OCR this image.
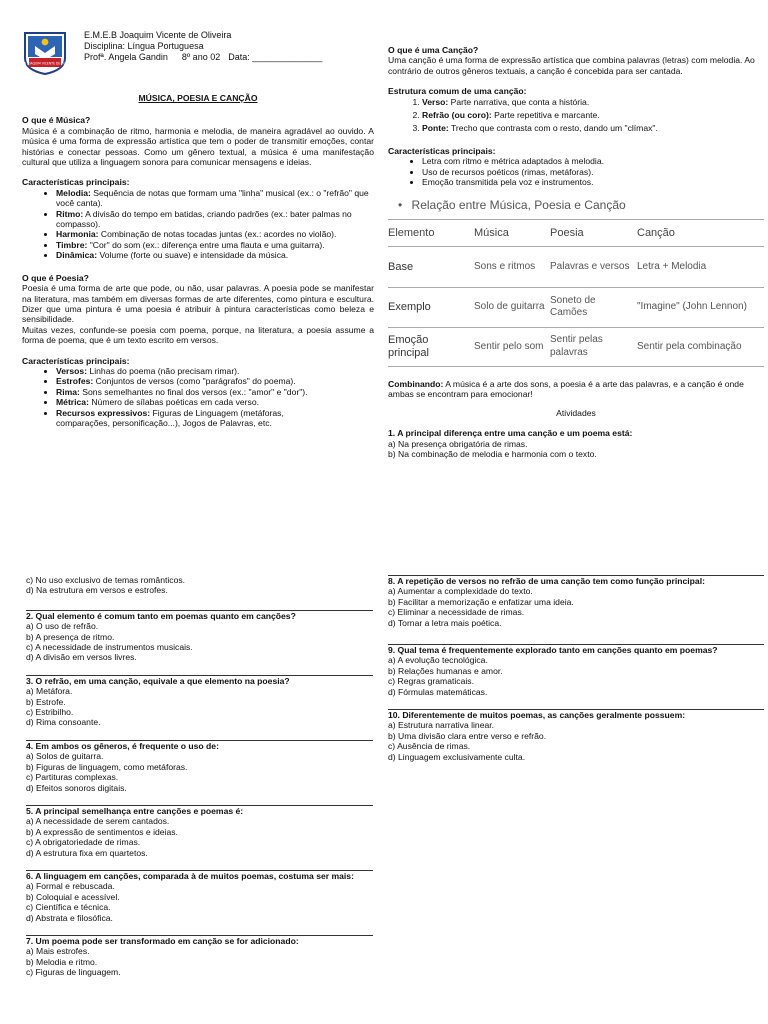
E.M.E.B JOAQUIM VICENTE DE OLIVEIRA

E.M.E.B Joaquim Vicente de Oliveira

Disciplina: Língua Portuguesa

Profª. Angela Gandin 8º ano 02 Data: ______________

MÚSICA, POESIA E CANÇÃO

O que é Música?

Música é a combinação de ritmo, harmonia e melodia, de maneira agradável ao ouvido. A música é uma forma de expressão artística que tem o poder de transmitir emoções, contar histórias e conectar pessoas. Como um gênero textual, a música é uma manifestação cultural que utiliza a linguagem sonora para comunicar mensagens e ideias.

Características principais:

• Melodia: Sequência de notas que formam uma "linha" musical (ex.: o "refrão" que você canta).
• Ritmo: A divisão do tempo em batidas, criando padrões (ex.: bater palmas no compasso).
• Harmonia: Combinação de notas tocadas juntas (ex.: acordes no violão).
• Timbre: "Cor" do som (ex.: diferença entre uma flauta e uma guitarra).
• Dinâmica: Volume (forte ou suave) e intensidade da música.

O que é Poesia?

Poesia é uma forma de arte que pode, ou não, usar palavras. A poesia pode se manifestar na literatura, mas também em diversas formas de arte diferentes, como pintura e escultura. Dizer que uma pintura é uma poesia é atribuir à pintura características como beleza e sensibilidade.

Muitas vezes, confunde-se poesia com poema, porque, na literatura, a poesia assume a forma de poema, que é um texto escrito em versos.

Características principais:

• Versos: Linhas do poema (não precisam rimar).
• Estrofes: Conjuntos de versos (como "parágrafos" do poema).
• Rima: Sons semelhantes no final dos versos (ex.: "amor" e "dor").
• Métrica: Número de sílabas poéticas em cada verso.
• Recursos expressivos: Figuras de Linguagem (metáforas, comparações, personificação...), Jogos de Palavras, etc.

O que é uma Canção?

Uma canção é uma forma de expressão artística que combina palavras (letras) com melodia. Ao contrário de outros gêneros textuais, a canção é concebida para ser cantada.

Estrutura comum de uma canção:

1. Verso: Parte narrativa, que conta a história.
2. Refrão (ou coro): Parte repetitiva e marcante.
3. Ponte: Trecho que contrasta com o resto, dando um "clímax".

Características principais:

• Letra com ritmo e métrica adaptados à melodia.
• Uso de recursos poéticos (rimas, metáforas).
• Emoção transmitida pela voz e instrumentos.
• Relação entre Música, Poesia e Canção
Elemento	Música	Poesia	Canção
Base	Sons e ritmos	Palavras e versos	Letra + Melodia
Exemplo	Solo de guitarra	Soneto de Camões	"Imagine" (John Lennon)
Emoção principal	Sentir pelo som	Sentir pelas palavras	Sentir pela combinação

Combinando: A música é a arte dos sons, a poesia é a arte das palavras, e a canção é onde ambas se encontram para emocionar!

Atividades

1. A principal diferença entre uma canção e um poema está:

a) Na presença obrigatória de rimas.

b) Na combinação de melodia e harmonia com o texto.

c) No uso exclusivo de temas românticos.

d) Na estrutura em versos e estrofes.

2. Qual elemento é comum tanto em poemas quanto em canções?

a) O uso de refrão.

b) A presença de ritmo.

c) A necessidade de instrumentos musicais.

d) A divisão em versos livres.

3. O refrão, em uma canção, equivale a que elemento na poesia?

a) Metáfora.

b) Estrofe.

c) Estribilho.

d) Rima consoante.

4. Em ambos os gêneros, é frequente o uso de:

a) Solos de guitarra.

b) Figuras de linguagem, como metáforas.

c) Partituras complexas.

d) Efeitos sonoros digitais.

5. A principal semelhança entre canções e poemas é:

a) A necessidade de serem cantados.

b) A expressão de sentimentos e ideias.

c) A obrigatoriedade de rimas.

d) A estrutura fixa em quartetos.

6. A linguagem em canções, comparada à de muitos poemas, costuma ser mais:

a) Formal e rebuscada.

b) Coloquial e acessível.

c) Científica e técnica.

d) Abstrata e filosófica.

7. Um poema pode ser transformado em canção se for adicionado:

a) Mais estrofes.

b) Melodia e ritmo.

c) Figuras de linguagem.

8. A repetição de versos no refrão de uma canção tem como função principal:

a) Aumentar a complexidade do texto.

b) Facilitar a memorização e enfatizar uma ideia.

c) Eliminar a necessidade de rimas.

d) Tornar a letra mais poética.

9. Qual tema é frequentemente explorado tanto em canções quanto em poemas?

a) A evolução tecnológica.

b) Relações humanas e amor.

c) Regras gramaticais.

d) Fórmulas matemáticas.

10. Diferentemente de muitos poemas, as canções geralmente possuem:

a) Estrutura narrativa linear.

b) Uma divisão clara entre verso e refrão.

c) Ausência de rimas.

d) Linguagem exclusivamente culta.
